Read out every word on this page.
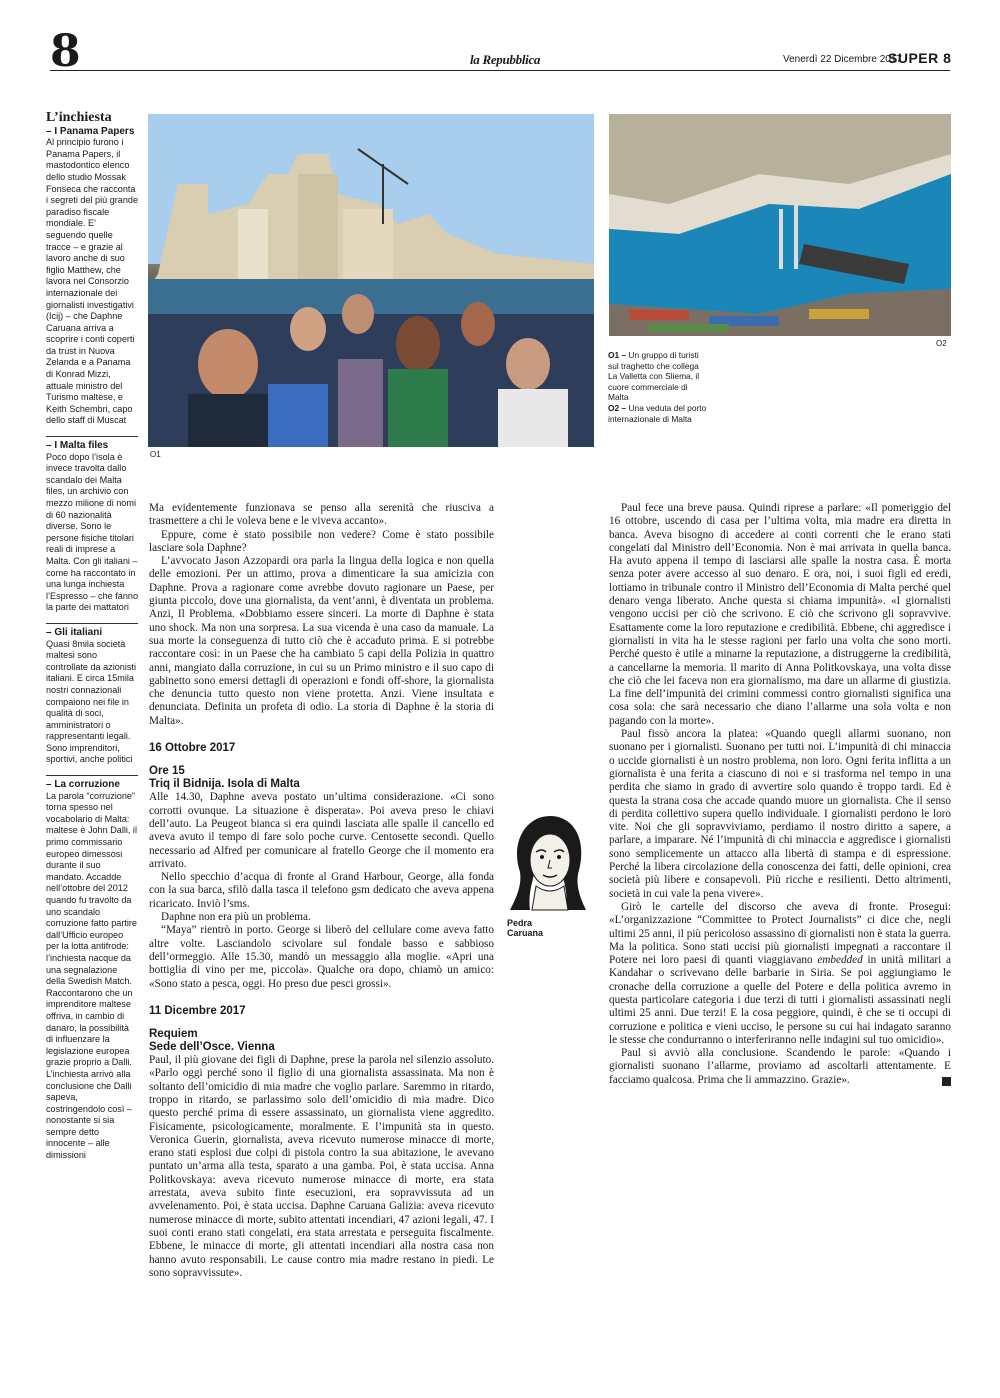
8	la Repubblica	Venerdì 22 Dicembre 2017
SUPER 8
L’inchiesta
– I Panama Papers
Al principio furono i Panama Papers, il mastodontico elenco dello studio Mossak Fonseca che racconta i segreti del più grande paradiso fiscale mondiale. E’ seguendo quelle tracce – e grazie al lavoro anche di suo figlio Matthew, che lavora nel Consorzio internazionale dei giornalisti investigativi (Icij) – che Daphne Caruana arriva a scoprire i conti coperti da trust in Nuova Zelanda e a Panama di Konrad Mizzi, attuale ministro del Turismo maltese, e Keith Schembri, capo dello staff di Muscat
– I Malta files
Poco dopo l’isola è invece travolta dallo scandalo dei Malta files, un archivio con mezzo milione di nomi di 60 nazionalità diverse. Sono le persone fisiche titolari reali di imprese a Malta. Con gli italiani – come ha raccontato in una lunga inchiesta l’Espresso – che fanno la parte dei mattatori
– Gli italiani
Quasi 8mila società maltesi sono controllate da azionisti italiani. E circa 15mila nostri connazionali compaiono nei file in qualità di soci, amministratori o rappresentanti legali. Sono imprenditori, sportivi, anche politici
– La corruzione
La parola “corruzione” torna spesso nel vocabolario di Malta: maltese è John Dalli, il primo commissario europeo dimessosi durante il suo mandato. Accadde nell’ottobre del 2012 quando fu travolto da uno scandalo corruzione fatto partire dall’Ufficio europeo per la lotta antifrode: l’inchiesta nacque da una segnalazione della Swedish Match. Raccontarono che un imprenditore maltese offriva, in cambio di danaro, la possibilità di influenzare la legislazione europea grazie proprio a Dalli. L’inchiesta arrivò alla conclusione che Dalli sapeva, costringendolo così – nonostante si sia sempre detto innocente – alle dimissioni
O1
O2
O1 – Un gruppo di turisti sul traghetto che collega La Valletta con Sliema, il cuore commerciale di Malta
O2 – Una veduta del porto internazionale di Malta

Ma evidentemente funzionava se penso alla serenità che riusciva a trasmettere a chi le voleva bene e le viveva accanto».

Eppure, come è stato possibile non vedere? Come è stato possibile lasciare sola Daphne?

L’avvocato Jason Azzopardi ora parla la lingua della logica e non quella delle emozioni. Per un attimo, prova a dimenticare la sua amicizia con Daphne. Prova a ragionare come avrebbe dovuto ragionare un Paese, per giunta piccolo, dove una giornalista, da vent’anni, è diventata un problema. Anzi, Il Problema. «Dobbiamo essere sinceri. La morte di Daphne è stata uno shock. Ma non una sorpresa. La sua vicenda è una caso da manuale. La sua morte la conseguenza di tutto ciò che è accaduto prima. E si potrebbe raccontare così: in un Paese che ha cambiato 5 capi della Polizia in quattro anni, mangiato dalla corruzione, in cui su un Primo ministro e il suo capo di gabinetto sono emersi dettagli di operazioni e fondi off-shore, la giornalista che denuncia tutto questo non viene protetta. Anzi. Viene insultata e denunciata. Definita un profeta di odio. La storia di Daphne è la storia di Malta».

16 Ottobre 2017
Ore 15
Triq il Bidnija. Isola di Malta

Alle 14.30, Daphne aveva postato un’ultima considerazione. «Ci sono corrotti ovunque. La situazione è disperata». Poi aveva preso le chiavi dell’auto. La Peugeot bianca si era quindi lasciata alle spalle il cancello ed aveva avuto il tempo di fare solo poche curve. Centosette secondi. Quello necessario ad Alfred per comunicare al fratello George che il momento era arrivato.

Nello specchio d’acqua di fronte al Grand Harbour, George, alla fonda con la sua barca, sfilò dalla tasca il telefono gsm dedicato che aveva appena ricaricato. Inviò l’sms.

Daphne non era più un problema.

“Maya” rientrò in porto. George si liberò del cellulare come aveva fatto altre volte. Lasciandolo scivolare sul fondale basso e sabbioso dell’ormeggio. Alle 15.30, mandò un messaggio alla moglie. «Apri una bottiglia di vino per me, piccola». Qualche ora dopo, chiamò un amico: «Sono stato a pesca, oggi. Ho preso due pesci grossi».

11 Dicembre 2017
Requiem
Sede dell’Osce. Vienna

Paul, il più giovane dei figli di Daphne, prese la parola nel silenzio assoluto. «Parlo oggi perché sono il figlio di una giornalista assassinata. Ma non è soltanto dell’omicidio di mia madre che voglio parlare. Saremmo in ritardo, troppo in ritardo, se parlassimo solo dell’omicidio di mia madre. Dico questo perché prima di essere assassinato, un giornalista viene aggredito. Fisicamente, psicologicamente, moralmente. E l’impunità sta in questo. Veronica Guerin, giornalista, aveva ricevuto numerose minacce di morte, erano stati esplosi due colpi di pistola contro la sua abitazione, le avevano puntato un’arma alla testa, sparato a una gamba. Poi, è stata uccisa. Anna Politkovskaya: aveva ricevuto numerose minacce di morte, era stata arrestata, aveva subito finte esecuzioni, era sopravvissuta ad un avvelenamento. Poi, è stata uccisa. Daphne Caruana Galizia: aveva ricevuto numerose minacce di morte, subito attentati incendiari, 47 azioni legali, 47. I suoi conti erano stati congelati, era stata arrestata e perseguita fiscalmente. Ebbene, le minacce di morte, gli attentati incendiari alla nostra casa non hanno avuto responsabili. Le cause contro mia madre restano in piedi. Le sono sopravvissute».

Pedra
Caruana

Paul fece una breve pausa. Quindi riprese a parlare: «Il pomeriggio del 16 ottobre, uscendo di casa per l’ultima volta, mia madre era diretta in banca. Aveva bisogno di accedere ai conti correnti che le erano stati congelati dal Ministro dell’Economia. Non è mai arrivata in quella banca. Ha avuto appena il tempo di lasciarsi alle spalle la nostra casa. È morta senza poter avere accesso al suo denaro. E ora, noi, i suoi figli ed eredi, lottiamo in tribunale contro il Ministro dell’Economia di Malta perché quel denaro venga liberato. Anche questa si chiama impunità». «I giornalisti vengono uccisi per ciò che scrivono. E ciò che scrivono gli sopravvive. Esattamente come la loro reputazione e credibilità. Ebbene, chi aggredisce i giornalisti in vita ha le stesse ragioni per farlo una volta che sono morti. Perché questo è utile a minarne la reputazione, a distruggerne la credibilità, a cancellarne la memoria. Il marito di Anna Politkovskaya, una volta disse che ciò che lei faceva non era giornalismo, ma dare un allarme di giustizia. La fine dell’impunità dei crimini commessi contro giornalisti significa una cosa sola: che sarà necessario che diano l’allarme una sola volta e non pagando con la morte».

Paul fissò ancora la platea: «Quando quegli allarmi suonano, non suonano per i giornalisti. Suonano per tutti noi. L’impunità di chi minaccia o uccide giornalisti è un nostro problema, non loro. Ogni ferita inflitta a un giornalista è una ferita a ciascuno di noi e si trasforma nel tempo in una perdita che siamo in grado di avvertire solo quando è troppo tardi. Ed è questa la strana cosa che accade quando muore un giornalista. Che il senso di perdita collettivo supera quello individuale. I giornalisti perdono le loro vite. Noi che gli sopravviviamo, perdiamo il nostro diritto a sapere, a parlare, a imparare. Né l’impunità di chi minaccia e aggredisce i giornalisti sono semplicemente un attacco alla libertà di stampa e di espressione. Perché la libera circolazione della conoscenza dei fatti, delle opinioni, crea società più libere e consapevoli. Più ricche e resilienti. Detto altrimenti, società in cui vale la pena vivere».

Girò le cartelle del discorso che aveva di fronte. Prosegui: «L’organizzazione “Committee to Protect Journalists” ci dice che, negli ultimi 25 anni, il più pericoloso assassino di giornalisti non è stata la guerra. Ma la politica. Sono stati uccisi più giornalisti impegnati a raccontare il Potere nei loro paesi di quanti viaggiavano embedded in unità militari a Kandahar o scrivevano delle barbarie in Siria. Se poi aggiungiamo le cronache della corruzione a quelle del Potere e della politica avremo in questa particolare categoria i due terzi di tutti i giornalisti assassinati negli ultimi 25 anni. Due terzi! E la cosa peggiore, quindi, è che se ti occupi di corruzione e politica e vieni ucciso, le persone su cui hai indagato saranno le stesse che condurranno o interferiranno nelle indagini sul tuo omicidio».

Paul si avviò alla conclusione. Scandendo le parole: «Quando i giornalisti suonano l’allarme, proviamo ad ascoltarli attentamente. E facciamo qualcosa. Prima che li ammazzino. Grazie».
